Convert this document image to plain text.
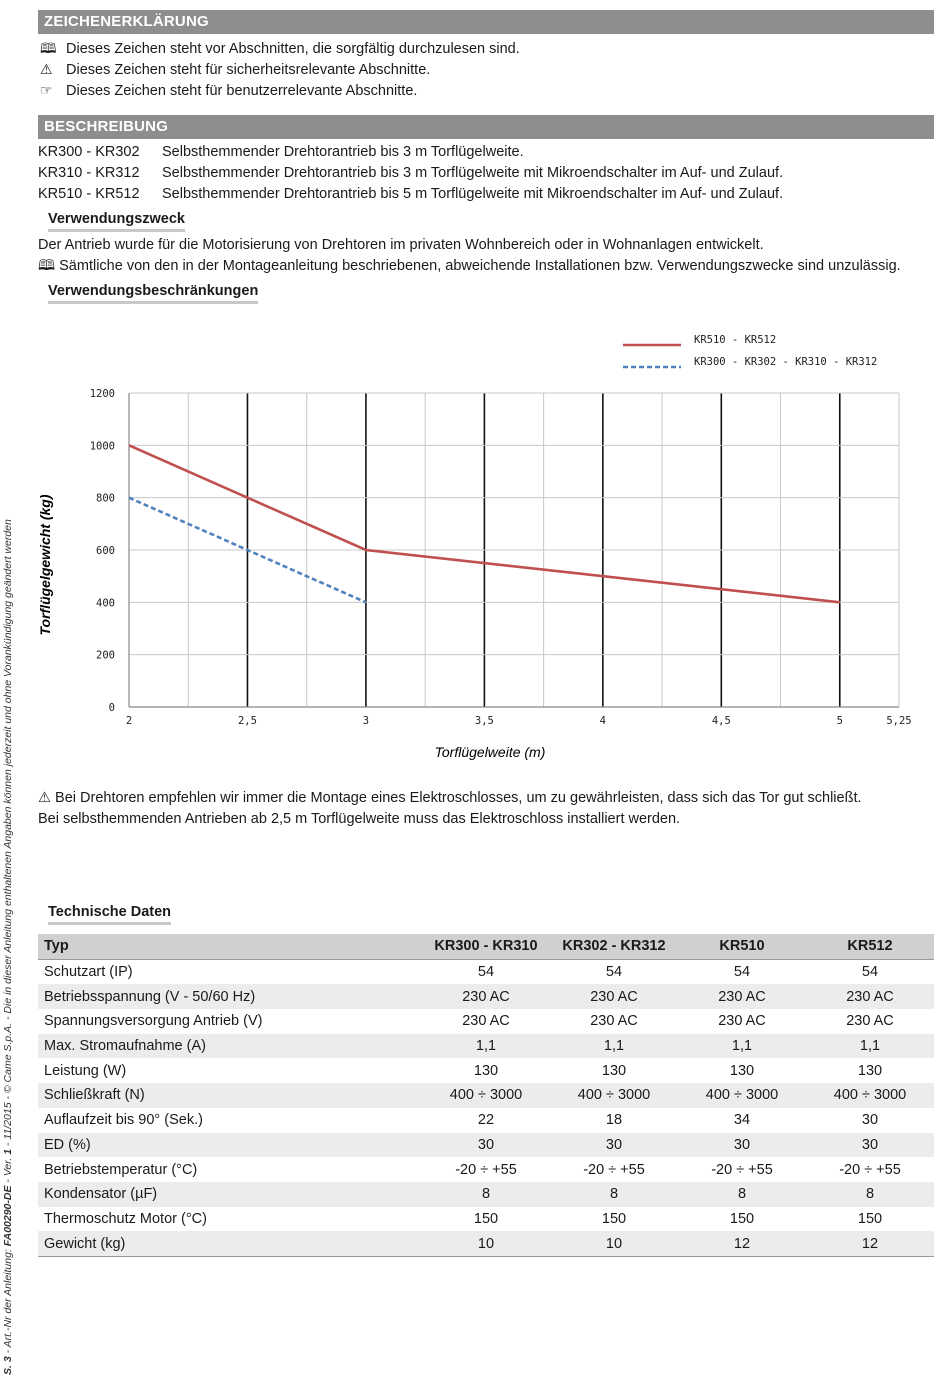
S. 3 - Art.-Nr der Anleitung: FA00290-DE - Ver. 1 - 11/2015 - © Came S.p.A. - Die in dieser Anleitung enthaltenen Angaben können jederzeit und ohne Vorankündigung geändert werden
ZEICHENERKLÄRUNG
🕮 Dieses Zeichen steht vor Abschnitten, die sorgfältig durchzulesen sind.
⚠ Dieses Zeichen steht für sicherheitsrelevante Abschnitte.
☞ Dieses Zeichen steht für benutzerrelevante Abschnitte.
BESCHREIBUNG
KR300 - KR302 Selbsthemmender Drehtorantrieb bis 3 m Torflügelweite.
KR310 - KR312 Selbsthemmender Drehtorantrieb bis 3 m Torflügelweite mit Mikroendschalter im Auf- und Zulauf.
KR510 - KR512 Selbsthemmender Drehtorantrieb bis 5 m Torflügelweite mit Mikroendschalter im Auf- und Zulauf.
Verwendungszweck
Der Antrieb wurde für die Motorisierung von Drehtoren im privaten Wohnbereich oder in Wohnanlagen entwickelt.
🕮 Sämtliche von den in der Montageanleitung beschriebenen, abweichende Installationen bzw. Verwendungszwecke sind unzulässig.
Verwendungsbeschränkungen
2	2,5	3	3,5	4	4,5	5	5,25
0
200
400
600
800
1000
1200
KR510 - KR512
KR300 - KR302 - KR310 - KR312
Torflügelweite (m)
Torflügelgewicht (kg)
⚠ Bei Drehtoren empfehlen wir immer die Montage eines Elektroschlosses, um zu gewährleisten, dass sich das Tor gut schließt.
Bei selbsthemmenden Antrieben ab 2,5 m Torflügelweite muss das Elektroschloss installiert werden.
Technische Daten
Typ	KR300 - KR310	KR302 - KR312	KR510	KR512
Schutzart (IP)	54	54	54	54
Betriebsspannung (V - 50/60 Hz)	230 AC	230 AC	230 AC	230 AC
Spannungsversorgung Antrieb (V)	230 AC	230 AC	230 AC	230 AC
Max. Stromaufnahme (A)	1,1	1,1	1,1	1,1
Leistung (W)	130	130	130	130
Schließkraft (N)	400 ÷ 3000	400 ÷ 3000	400 ÷ 3000	400 ÷ 3000
Auflaufzeit bis 90° (Sek.)	22	18	34	30
ED (%)	30	30	30	30
Betriebstemperatur (°C)	-20 ÷ +55	-20 ÷ +55	-20 ÷ +55	-20 ÷ +55
Kondensator (µF)	8	8	8	8
Thermoschutz Motor (°C)	150	150	150	150
Gewicht (kg)	10	10	12	12
